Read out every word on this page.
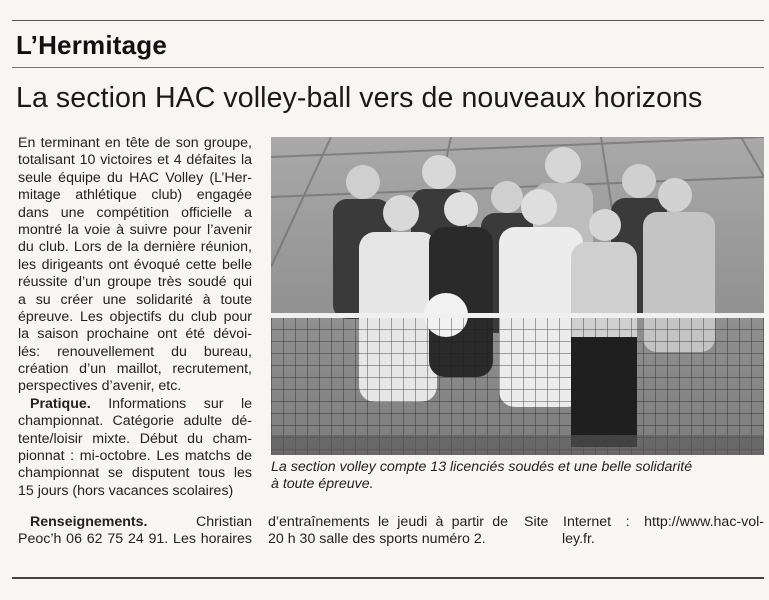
L’Hermitage
La section HAC volley-ball vers de nouveaux horizons
En terminant en tête de son groupe,
totalisant 10 victoires et 4 défaites la
seule équipe du HAC Volley (L’Her-
mitage athlétique club) engagée
dans une compétition officielle a
montré la voie à suivre pour l’avenir
du club. Lors de la dernière réunion,
les dirigeants ont évoqué cette belle
réussite d’un groupe très soudé qui
a su créer une solidarité à toute
épreuve. Les objectifs du club pour
la saison prochaine ont été dévoi-
lés: renouvellement du bureau,
création d’un maillot, recrutement,
perspectives d’avenir, etc.
Pratique. Informations sur le
championnat. Catégorie adulte dé-
tente/loisir mixte. Début du cham-
pionnat : mi-octobre. Les matchs de
championnat se disputent tous les
15 jours (hors vacances scolaires)
Renseignements.	Christian
Peoc’h 06 62 75 24 91. Les horaires
d’entraînements le jeudi à partir de
20 h 30 salle des sports numéro 2.
Site Internet : http://www.hac-vol-
ley.fr.
La section volley compte 13 licenciés soudés et une belle solidarité
à toute épreuve.
